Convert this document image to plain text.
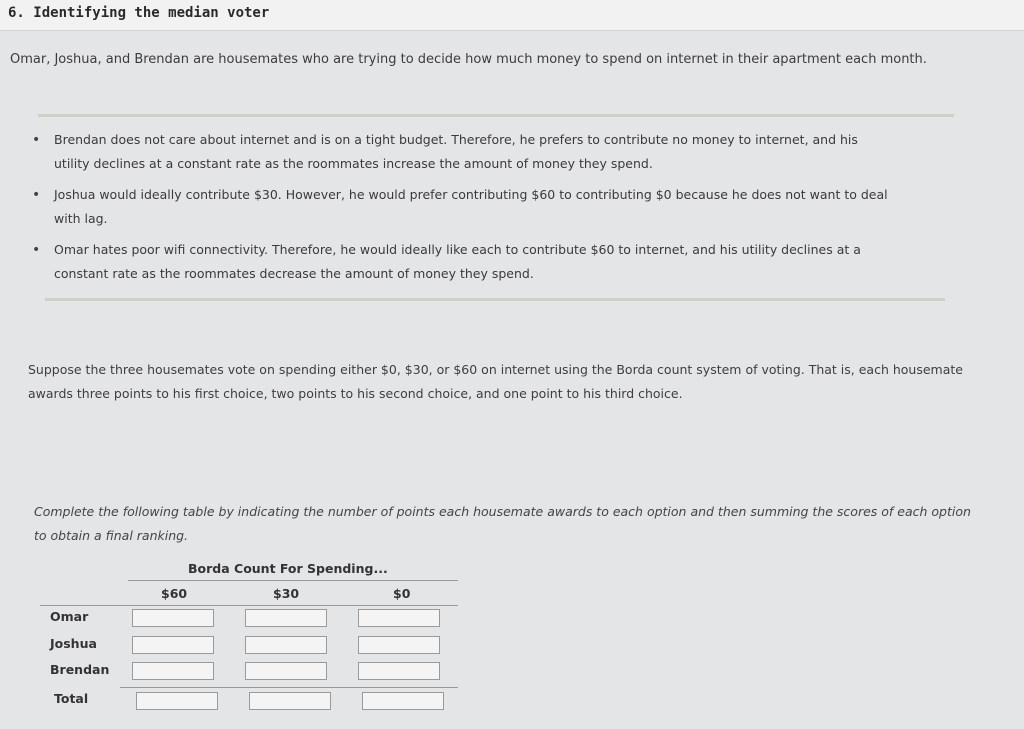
6. Identifying the median voter
Omar, Joshua, and Brendan are housemates who are trying to decide how much money to spend on internet in their apartment each month.
• Brendan does not care about internet and is on a tight budget. Therefore, he prefers to contribute no money to internet, and his
utility declines at a constant rate as the roommates increase the amount of money they spend.
• Joshua would ideally contribute $30. However, he would prefer contributing $60 to contributing $0 because he does not want to deal
with lag.
• Omar hates poor wifi connectivity. Therefore, he would ideally like each to contribute $60 to internet, and his utility declines at a
constant rate as the roommates decrease the amount of money they spend.
Suppose the three housemates vote on spending either $0, $30, or $60 on internet using the Borda count system of voting. That is, each housemate
awards three points to his first choice, two points to his second choice, and one point to his third choice.
Complete the following table by indicating the number of points each housemate awards to each option and then summing the scores of each option
to obtain a final ranking.
Borda Count For Spending...
$60	$30	$0
Omar
Joshua
Brendan
Total
